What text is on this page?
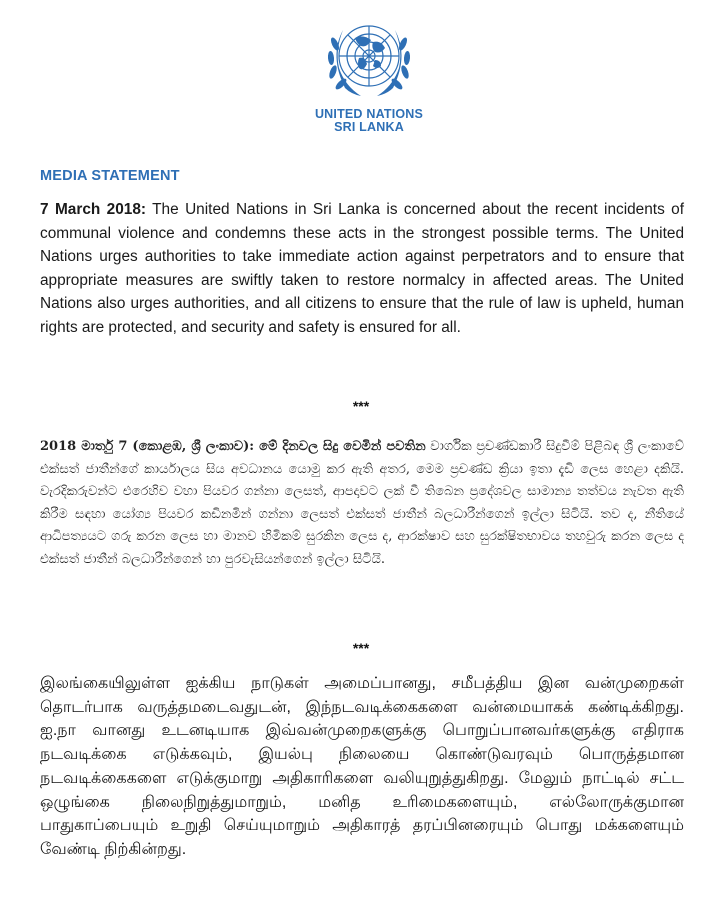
UNITED NATIONS
SRI LANKA
MEDIA STATEMENT
7 March 2018: The United Nations in Sri Lanka is concerned about the recent incidents of communal violence and condemns these acts in the strongest possible terms. The United Nations urges authorities to take immediate action against perpetrators and to ensure that appropriate measures are swiftly taken to restore normalcy in affected areas. The United Nations also urges authorities, and all citizens to ensure that the rule of law is upheld, human rights are protected, and security and safety is ensured for all.
***
2018 මාර්තු 7 (කොළඹ, ශ්‍රී ලංකාව): මේ දිනවල සිදු වෙමින් පවතින වාර්ගික ප්‍රචණ්ඩකාරී සිදුවීම් පිළිබඳ ශ්‍රී ලංකාවේ එක්සත් ජාතීන්ගේ කාර්යාලය සිය අවධානය යොමු කර ඇති අතර, මෙම ප්‍රචණ්ඩ ක්‍රියා ඉතා දැඩි ලෙස හෙළා දකියි. වැරදිකරුවන්ට එරෙහිව වහා පියවර ගන්නා ලෙසත්, ආපදාවට ලක් වී තිබෙන ප්‍රදේශවල සාමාන්‍ය තත්වය නැවත ඇති කිරීම සඳහා යෝග්‍ය පියවර කඩිනමින් ගන්නා ලෙසත් එක්සත් ජාතීන් බලධාරීන්ගෙන් ඉල්ලා සිටියි. තව ද, නීතියේ ආධිපත්‍යයට ගරු කරන ලෙස හා මානව හිමිකම් සුරකින ලෙස ද, ආරක්ෂාව සහ සුරක්ෂිතභාවය තහවුරු කරන ලෙස ද එක්සත් ජාතීන් බලධාරීන්ගෙන් හා පුරවැසියන්ගෙන් ඉල්ලා සිටියි.
***
இலங்கையிலுள்ள ஐக்கிய நாடுகள் அமைப்பானது, சமீபத்திய இன வன்முறைகள் தொடர்பாக வருத்தமடைவதுடன், இந்நடவடிக்கைகளை வன்மையாகக் கண்டிக்கிறது. ஐ.நா வானது உடனடியாக இவ்வன்முறைகளுக்கு பொறுப்பானவர்களுக்கு எதிராக நடவடிக்கை எடுக்கவும், இயல்பு நிலையை கொண்டுவரவும் பொருத்தமான நடவடிக்கைகளை எடுக்குமாறு அதிகாரிகளை வலியுறுத்துகிறது. மேலும் நாட்டில் சட்ட ஒழுங்கை நிலைநிறுத்துமாறும், மனித உரிமைகளையும், எல்லோருக்குமான பாதுகாப்பையும் உறுதி செய்யுமாறும் அதிகாரத் தரப்பினரையும் பொது மக்களையும் வேண்டி நிற்கின்றது.
